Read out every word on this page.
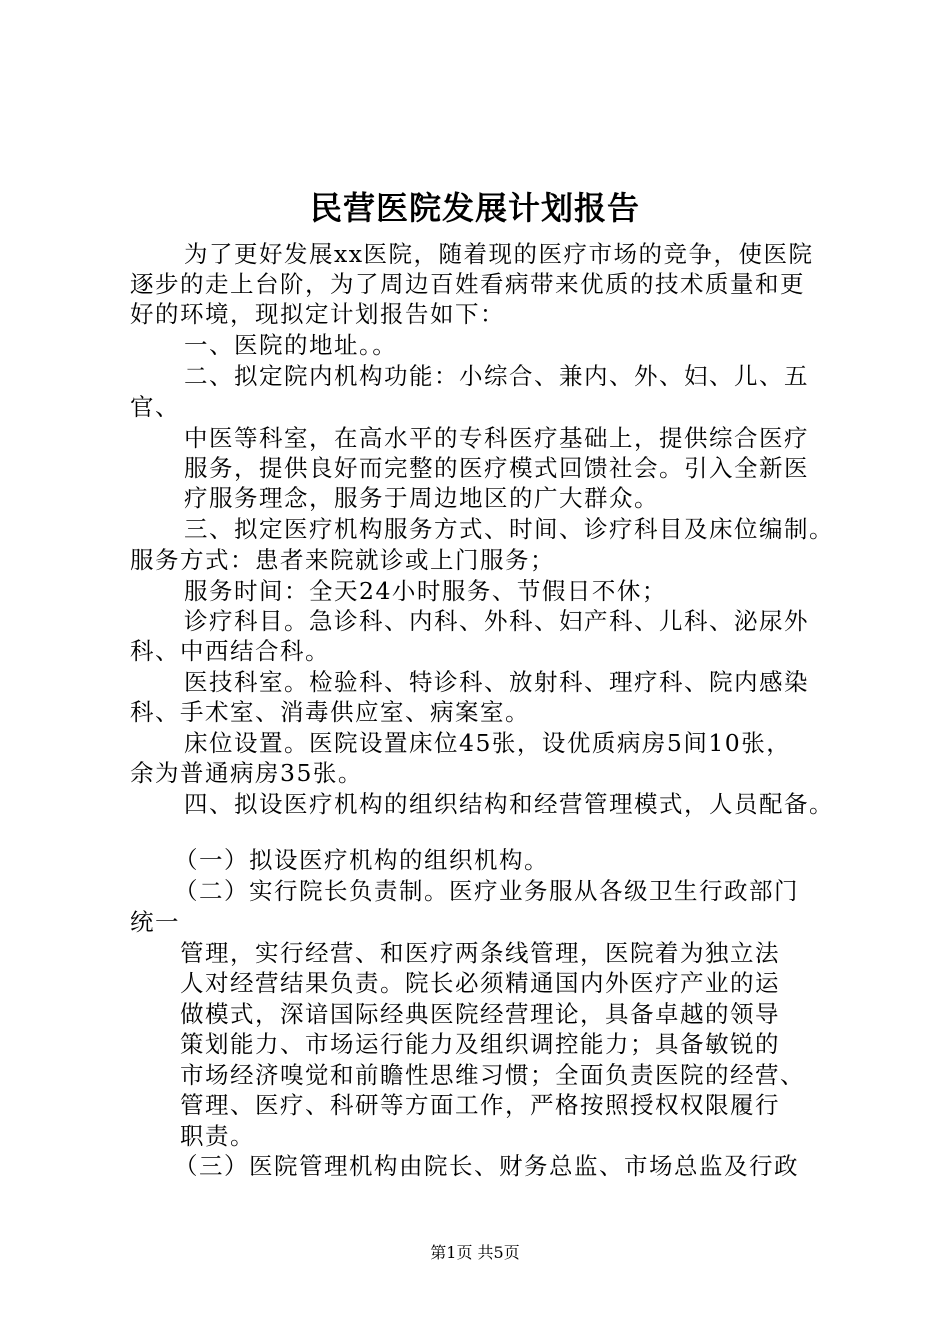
民营医院发展计划报告
为了更好发展xx医院，随着现的医疗市场的竞争，使医院
逐步的走上台阶，为了周边百姓看病带来优质的技术质量和更
好的环境，现拟定计划报告如下：
一、医院的地址。。
二、拟定院内机构功能：小综合、兼内、外、妇、儿、五
官、
中医等科室，在高水平的专科医疗基础上，提供综合医疗
服务，提供良好而完整的医疗模式回馈社会。引入全新医
疗服务理念，服务于周边地区的广大群众。
三、拟定医疗机构服务方式、时间、诊疗科目及床位编制。
服务方式：患者来院就诊或上门服务；
服务时间：全天24小时服务、节假日不休；
诊疗科目。急诊科、内科、外科、妇产科、儿科、泌尿外
科、中西结合科。
医技科室。检验科、特诊科、放射科、理疗科、院内感染
科、手术室、消毒供应室、病案室。
床位设置。医院设置床位45张，设优质病房5间10张，
余为普通病房35张。
四、拟设医疗机构的组织结构和经营管理模式，人员配备。
（一）拟设医疗机构的组织机构。
（二）实行院长负责制。医疗业务服从各级卫生行政部门
统一
管理，实行经营、和医疗两条线管理，医院着为独立法
人对经营结果负责。院长必须精通国内外医疗产业的运
做模式，深谙国际经典医院经营理论，具备卓越的领导
策划能力、市场运行能力及组织调控能力；具备敏锐的
市场经济嗅觉和前瞻性思维习惯；全面负责医院的经营、
管理、医疗、科研等方面工作，严格按照授权权限履行
职责。
（三）医院管理机构由院长、财务总监、市场总监及行政
第1页 共5页
